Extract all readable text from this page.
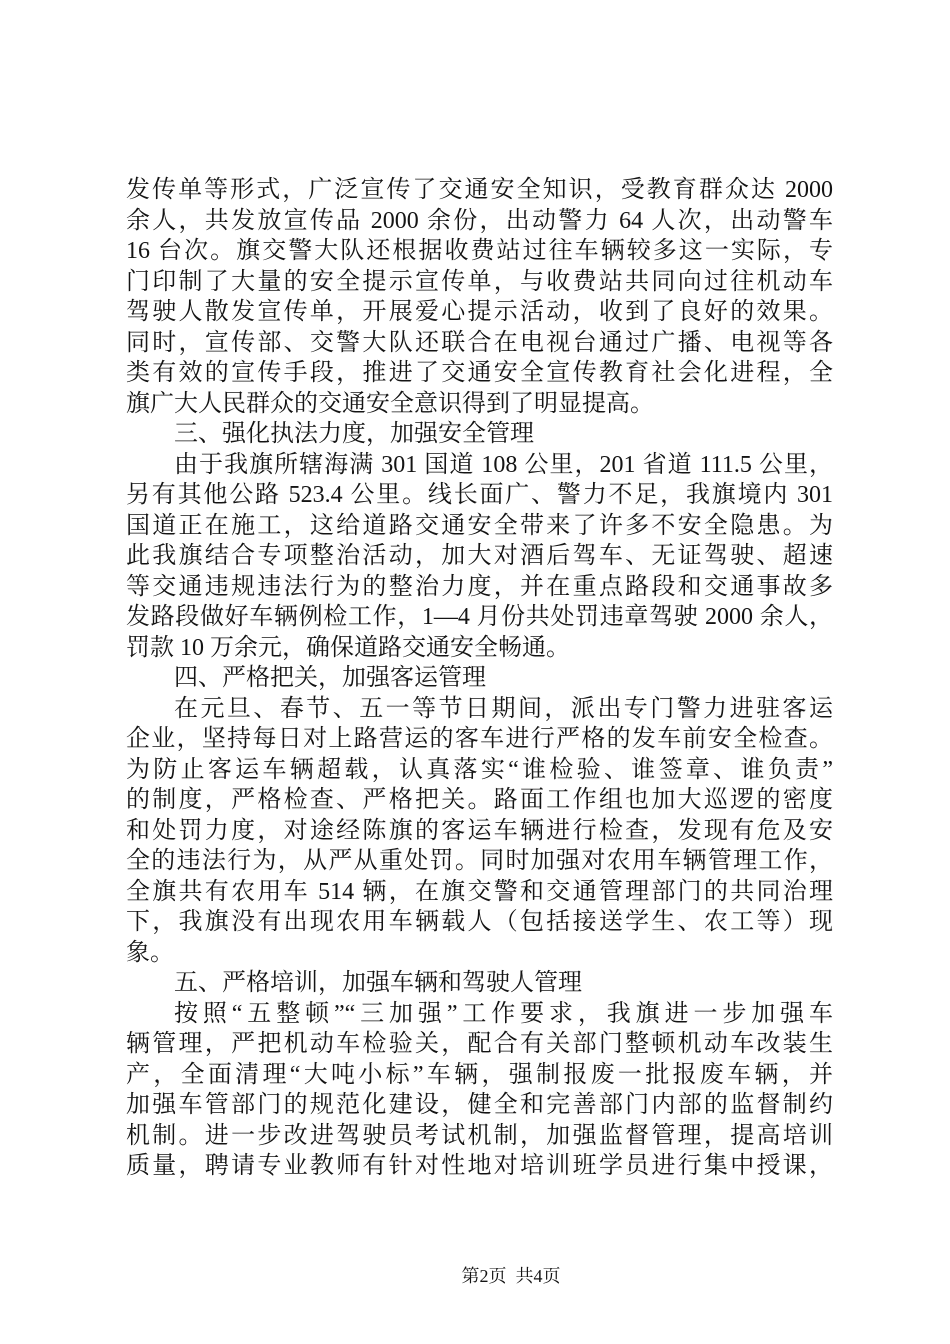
发传单等形式，广泛宣传了交通安全知识，受教育群众达 2000
余人，共发放宣传品 2000 余份，出动警力 64 人次，出动警车
16 台次。旗交警大队还根据收费站过往车辆较多这一实际，专
门印制了大量的安全提示宣传单，与收费站共同向过往机动车
驾驶人散发宣传单，开展爱心提示活动，收到了良好的效果。
同时，宣传部、交警大队还联合在电视台通过广播、电视等各
类有效的宣传手段，推进了交通安全宣传教育社会化进程，全
旗广大人民群众的交通安全意识得到了明显提高。
三、强化执法力度，加强安全管理
由于我旗所辖海满 301 国道 108 公里，201 省道 111.5 公里，
另有其他公路 523.4 公里。线长面广、警力不足，我旗境内 301
国道正在施工，这给道路交通安全带来了许多不安全隐患。为
此我旗结合专项整治活动，加大对酒后驾车、无证驾驶、超速
等交通违规违法行为的整治力度，并在重点路段和交通事故多
发路段做好车辆例检工作，1—4 月份共处罚违章驾驶 2000 余人，
罚款 10 万余元，确保道路交通安全畅通。
四、严格把关，加强客运管理
在元旦、春节、五一等节日期间，派出专门警力进驻客运
企业，坚持每日对上路营运的客车进行严格的发车前安全检查。
为防止客运车辆超载，认真落实“谁检验、谁签章、谁负责”
的制度，严格检查、严格把关。路面工作组也加大巡逻的密度
和处罚力度，对途经陈旗的客运车辆进行检查，发现有危及安
全的违法行为，从严从重处罚。同时加强对农用车辆管理工作，
全旗共有农用车 514 辆，在旗交警和交通管理部门的共同治理
下，我旗没有出现农用车辆载人（包括接送学生、农工等）现
象。
五、严格培训，加强车辆和驾驶人管理
按照“五整顿”“三加强”工作要求，我旗进一步加强车
辆管理，严把机动车检验关，配合有关部门整顿机动车改装生
产，全面清理“大吨小标”车辆，强制报废一批报废车辆，并
加强车管部门的规范化建设，健全和完善部门内部的监督制约
机制。进一步改进驾驶员考试机制，加强监督管理，提高培训
质量，聘请专业教师有针对性地对培训班学员进行集中授课，

第2页  共4页
